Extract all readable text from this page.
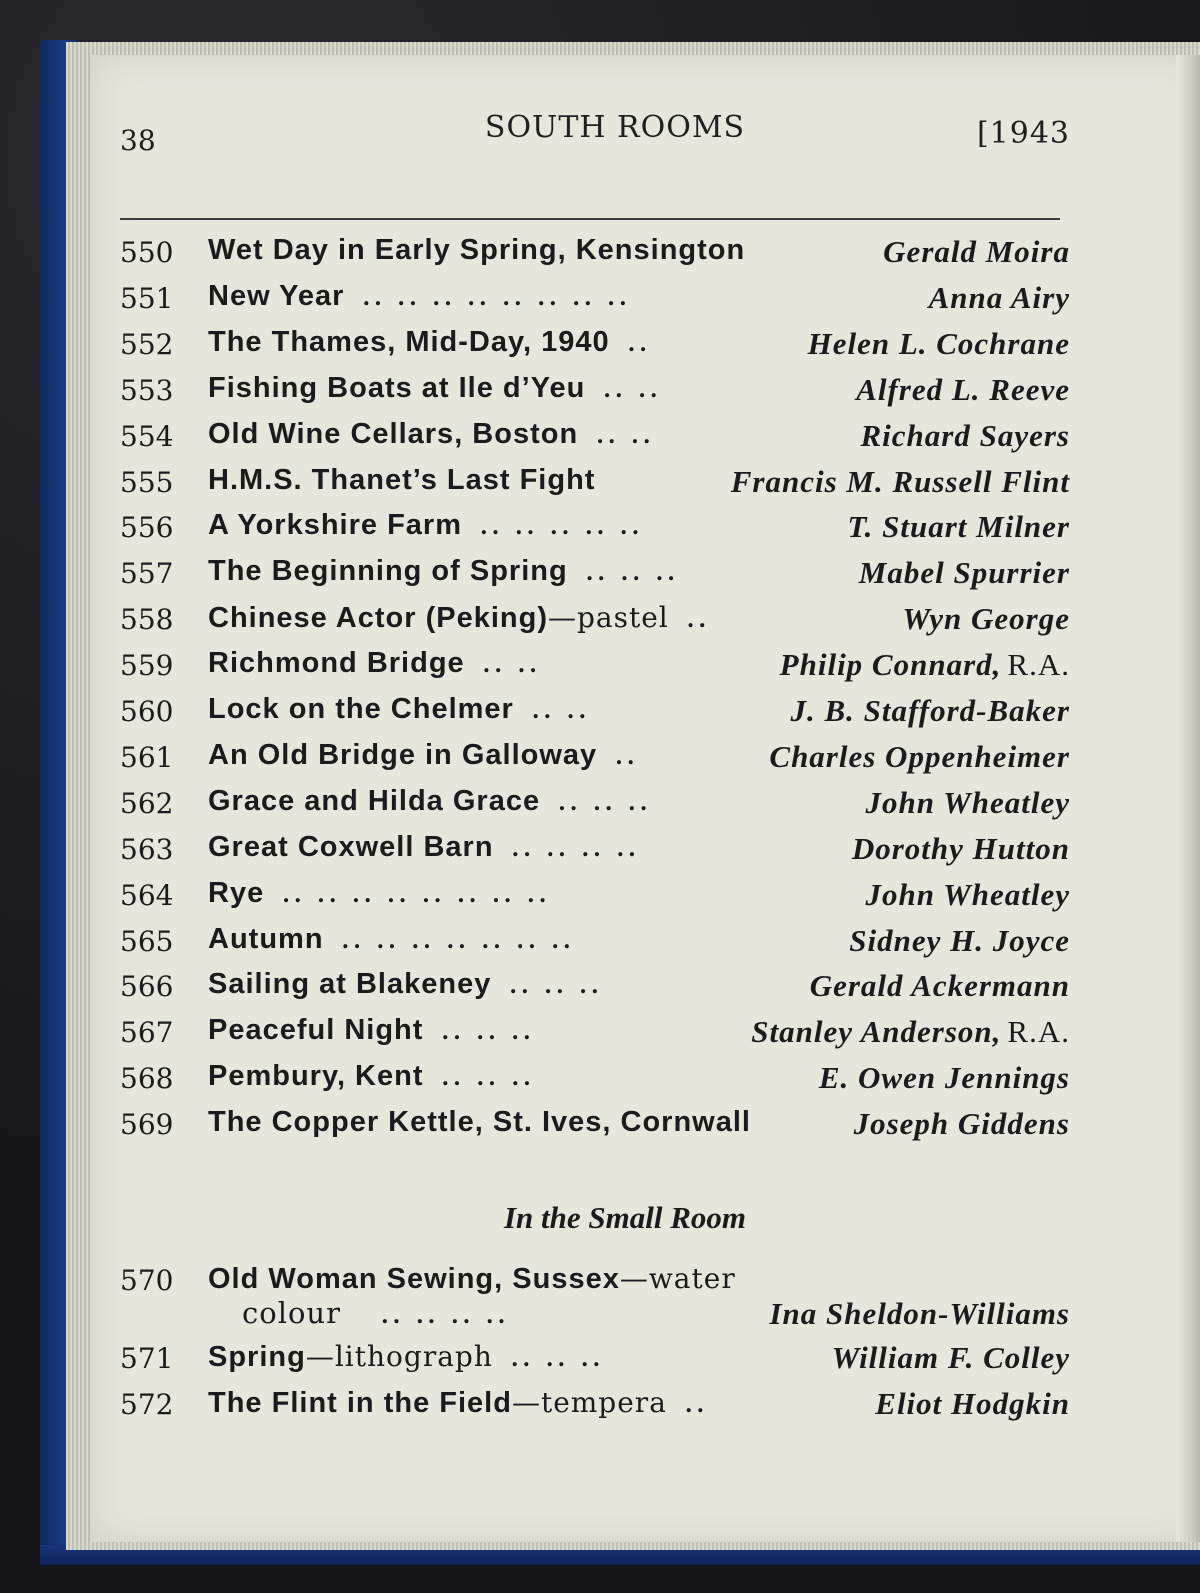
38	SOUTH ROOMS	[1943
550	Wet Day in Early Spring, Kensington	Gerald Moira
551	New Year .. .. .. .. .. .. .. ..	Anna Airy
552	The Thames, Mid-Day, 1940 ..	Helen L. Cochrane
553	Fishing Boats at Ile d’Yeu .. ..	Alfred L. Reeve
554	Old Wine Cellars, Boston .. ..	Richard Sayers
555	H.M.S. Thanet’s Last Fight	Francis M. Russell Flint
556	A Yorkshire Farm .. .. .. .. ..	T. Stuart Milner
557	The Beginning of Spring .. .. ..	Mabel Spurrier
558	Chinese Actor (Peking)—pastel ..	Wyn George
559	Richmond Bridge .. ..	Philip Connard, R.A.
560	Lock on the Chelmer .. ..	J. B. Stafford-Baker
561	An Old Bridge in Galloway ..	Charles Oppenheimer
562	Grace and Hilda Grace .. .. ..	John Wheatley
563	Great Coxwell Barn .. .. .. ..	Dorothy Hutton
564	Rye .. .. .. .. .. .. .. ..	John Wheatley
565	Autumn .. .. .. .. .. .. ..	Sidney H. Joyce
566	Sailing at Blakeney .. .. ..	Gerald Ackermann
567	Peaceful Night .. .. ..	Stanley Anderson, R.A.
568	Pembury, Kent .. .. ..	E. Owen Jennings
569	The Copper Kettle, St. Ives, Cornwall	Joseph Giddens
In the Small Room
570	Old Woman Sewing, Sussex—water
colour .. .. .. ..	Ina Sheldon-Williams
571	Spring—lithograph .. .. ..	William F. Colley
572	The Flint in the Field—tempera ..	Eliot Hodgkin
